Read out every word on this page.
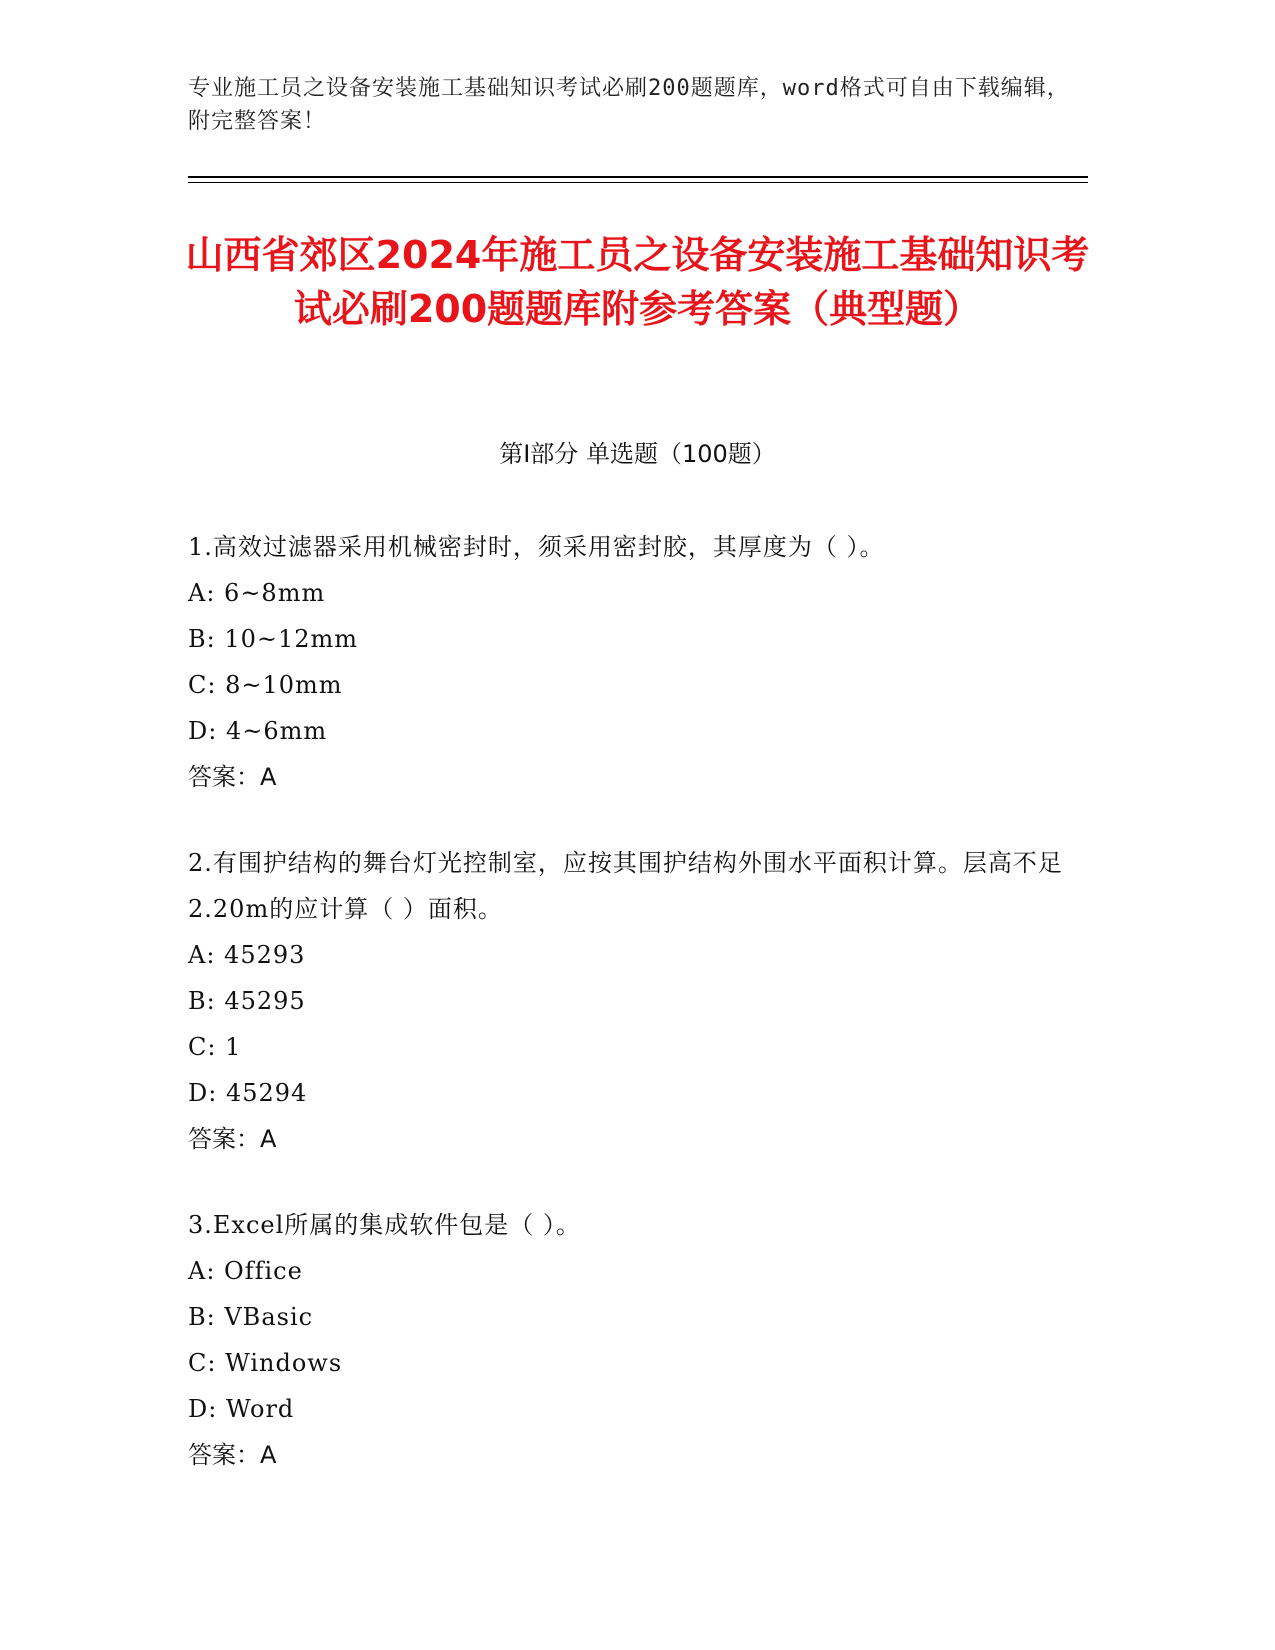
专业施工员之设备安装施工基础知识考试必刷200题题库，word格式可自由下载编辑，附完整答案！
山西省郊区2024年施工员之设备安装施工基础知识考试必刷200题题库附参考答案（典型题）
第I部分 单选题（100题）
1.高效过滤器采用机械密封时，须采用密封胶，其厚度为（ ）。
A: 6~8mm
B: 10~12mm
C: 8~10mm
D: 4~6mm
答案：A
2.有围护结构的舞台灯光控制室，应按其围护结构外围水平面积计算。层高不足2.20m的应计算（ ）面积。
A: 45293
B: 45295
C: 1
D: 45294
答案：A
3.Excel所属的集成软件包是（ ）。
A: Office
B: VBasic
C: Windows
D: Word
答案：A
